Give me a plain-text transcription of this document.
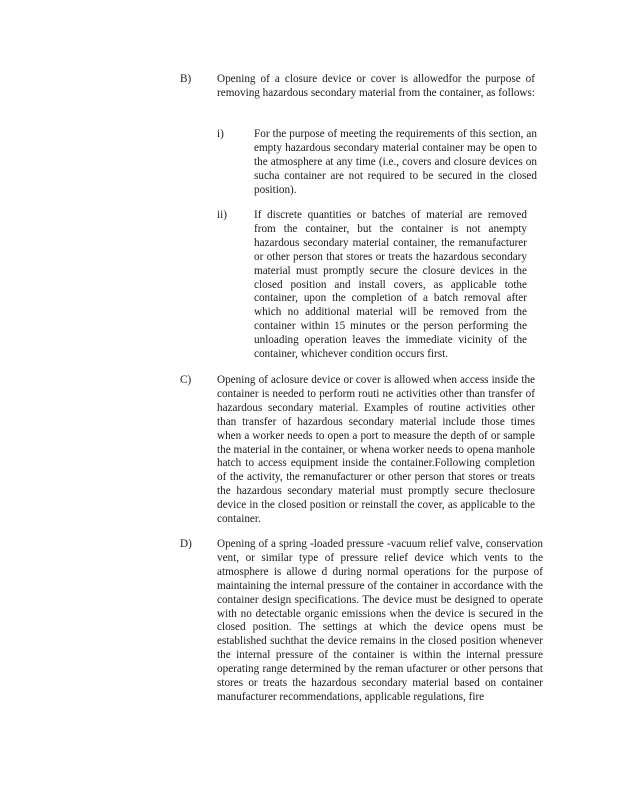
B)	Opening of a closure device or cover is allowedfor the purpose of removing hazardous secondary material from the container, as follows:

i)	For the purpose of meeting the requirements of this section, an empty hazardous secondary material container may be open to the atmosphere at any time (i.e., covers and closure devices on sucha container are not required to be secured in the closed position).

ii)	If discrete quantities or batches of material are removed from the container, but the container is not anempty hazardous secondary material container, the remanufacturer or other person that stores or treats the hazardous secondary material must promptly secure the closure devices in the closed position and install covers, as applicable tothe container, upon the completion of a batch removal after which no additional material will be removed from the container within 15 minutes or the person performing the unloading operation leaves the immediate vicinity of the container, whichever condition occurs first.

C)	Opening of aclosure device or cover is allowed when access inside the container is needed to perform routi ne activities other than transfer of hazardous secondary material. Examples of routine activities other than transfer of hazardous secondary material include those times when a worker needs to open a port to measure the depth of or sample the material in the container, or whena worker needs to opena manhole hatch to access equipment inside the container.Following completion of the activity, the remanufacturer or other person that stores or treats the hazardous secondary material must promptly secure theclosure device in the closed position or reinstall the cover, as applicable to the container.

D)	Opening of a spring -loaded pressure -vacuum relief valve, conservation vent, or similar type of pressure relief device which vents to the atmosphere is allowe d during normal operations for the purpose of maintaining the internal pressure of the container in accordance with the container design specifications. The device must be designed to operate with no detectable organic emissions when the device is secured in the closed position. The settings at which the device opens must be established suchthat the device remains in the closed position whenever the internal pressure of the container is within the internal pressure operating range determined by the reman ufacturer or other persons that stores or treats the hazardous secondary material based on container manufacturer recommendations, applicable regulations, fire
